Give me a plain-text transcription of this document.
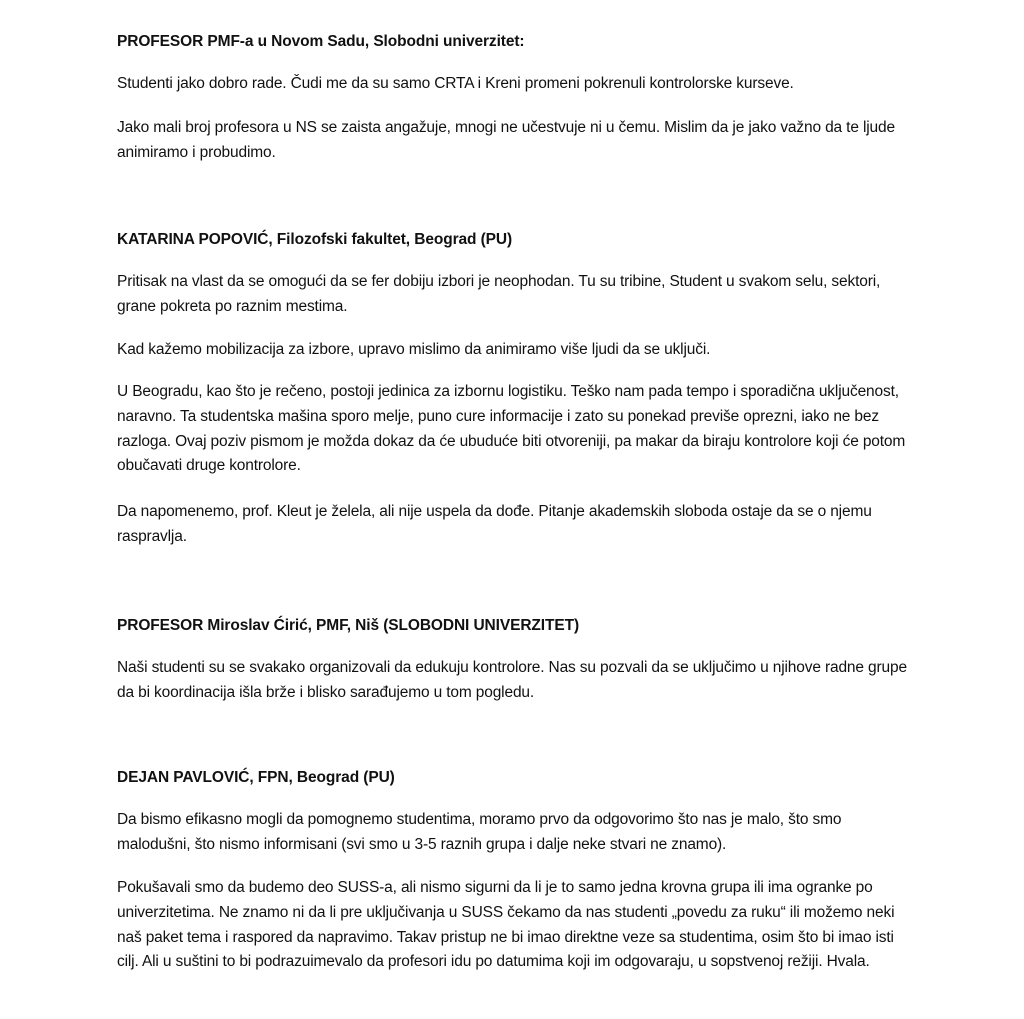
PROFESOR PMF-a u Novom Sadu, Slobodni univerzitet:

Studenti jako dobro rade. Čudi me da su samo CRTA i Kreni promeni pokrenuli kontrolorske kurseve.

Jako mali broj profesora u NS se zaista angažuje, mnogi ne učestvuje ni u čemu. Mislim da je jako važno da te ljude animiramo i probudimo.

KATARINA POPOVIĆ, Filozofski fakultet, Beograd (PU)

Pritisak na vlast da se omogući da se fer dobiju izbori je neophodan. Tu su tribine, Student u svakom selu, sektori, grane pokreta po raznim mestima.

Kad kažemo mobilizacija za izbore, upravo mislimo da animiramo više ljudi da se uključi.

U Beogradu, kao što je rečeno, postoji jedinica za izbornu logistiku. Teško nam pada tempo i sporadična uključenost, naravno. Ta studentska mašina sporo melje, puno cure informacije i zato su ponekad previše oprezni, iako ne bez razloga. Ovaj poziv pismom je možda dokaz da će ubuduće biti otvoreniji, pa makar da biraju kontrolore koji će potom obučavati druge kontrolore.

Da napomenemo, prof. Kleut je želela, ali nije uspela da dođe. Pitanje akademskih sloboda ostaje da se o njemu raspravlja.

PROFESOR Miroslav Ćirić, PMF, Niš (SLOBODNI UNIVERZITET)

Naši studenti su se svakako organizovali da edukuju kontrolore. Nas su pozvali da se uključimo u njihove radne grupe da bi koordinacija išla brže i blisko sarađujemo u tom pogledu.

DEJAN PAVLOVIĆ, FPN, Beograd (PU)

Da bismo efikasno mogli da pomognemo studentima, moramo prvo da odgovorimo što nas je malo, što smo malodušni, što nismo informisani (svi smo u 3-5 raznih grupa i dalje neke stvari ne znamo).

Pokušavali smo da budemo deo SUSS-a, ali nismo sigurni da li je to samo jedna krovna grupa ili ima ogranke po univerzitetima. Ne znamo ni da li pre uključivanja u SUSS čekamo da nas studenti „povedu za ruku“ ili možemo neki naš paket tema i raspored da napravimo. Takav pristup ne bi imao direktne veze sa studentima, osim što bi imao isti cilj. Ali u suštini to bi podrazuimevalo da profesori idu po datumima koji im odgovaraju, u sopstvenoj režiji. Hvala.
